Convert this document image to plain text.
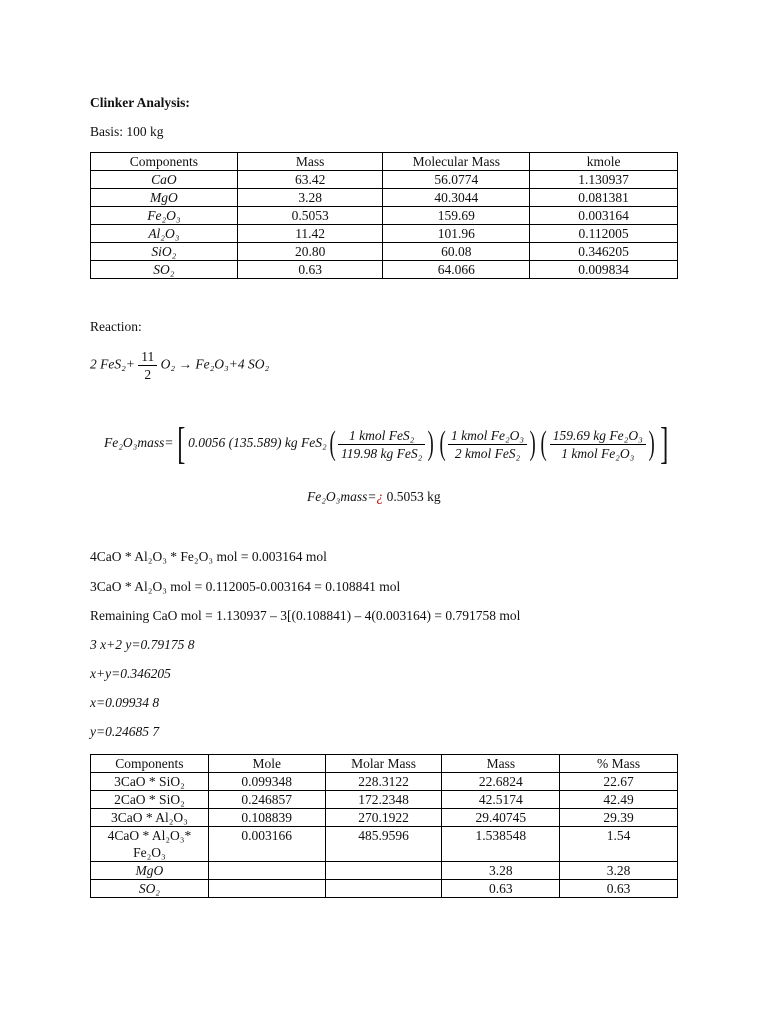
Clinker Analysis:
Basis: 100 kg
Components	Mass	Molecular Mass	kmole
CaO	63.42	56.0774	1.130937
MgO	3.28	40.3044	0.081381
Fe₂O₃	0.5053	159.69	0.003164
Al₂O₃	11.42	101.96	0.112005
SiO₂	20.80	60.08	0.346205
SO₂	0.63	64.066	0.009834
Reaction:
2 $FeS_2+ \frac{11}{2} O_2 \to Fe_2O_3+4$ SO₂
Fe₂O₃mass=[ 0.0056 (135.589) kg $FeS_2( \frac{\text{1 kmol FeS₂}}{\text{119.98 kg FeS₂}}$ ) ( $\frac{\text{1 kmol Fe₂O₃}}{\text{2 kmol FeS₂}}$ ) ( $\frac{\text{159.69 kg Fe₂O₃}}{\text{1 kmol Fe₂O₃}}$ ) ]
Fe₂O₃mass=¿ 0.5053 kg
4CaO * Al₂O₃ * Fe₂O₃ mol = 0.003164 mol
3CaO * Al₂O₃ mol = 0.112005-0.003164 = 0.108841 mol
Remaining CaO mol = 1.130937 – 3[(0.108841) – 4(0.003164) = 0.791758 mol
3 x+2 y=0.79175 8
x+y=0.346205
x=0.09934 8
y=0.24685 7
Components	Mole	Molar Mass	Mass	% Mass
3CaO * SiO₂	0.099348	228.3122	22.6824	22.67
2CaO * SiO₂	0.246857	172.2348	42.5174	42.49
3CaO * Al₂O₃	0.108839	270.1922	29.40745	29.39
4CaO * Al₂O₃* Fe₂O₃	0.003166	485.9596	1.538548	1.54
MgO			3.28	3.28
SO₂			0.63	0.63
